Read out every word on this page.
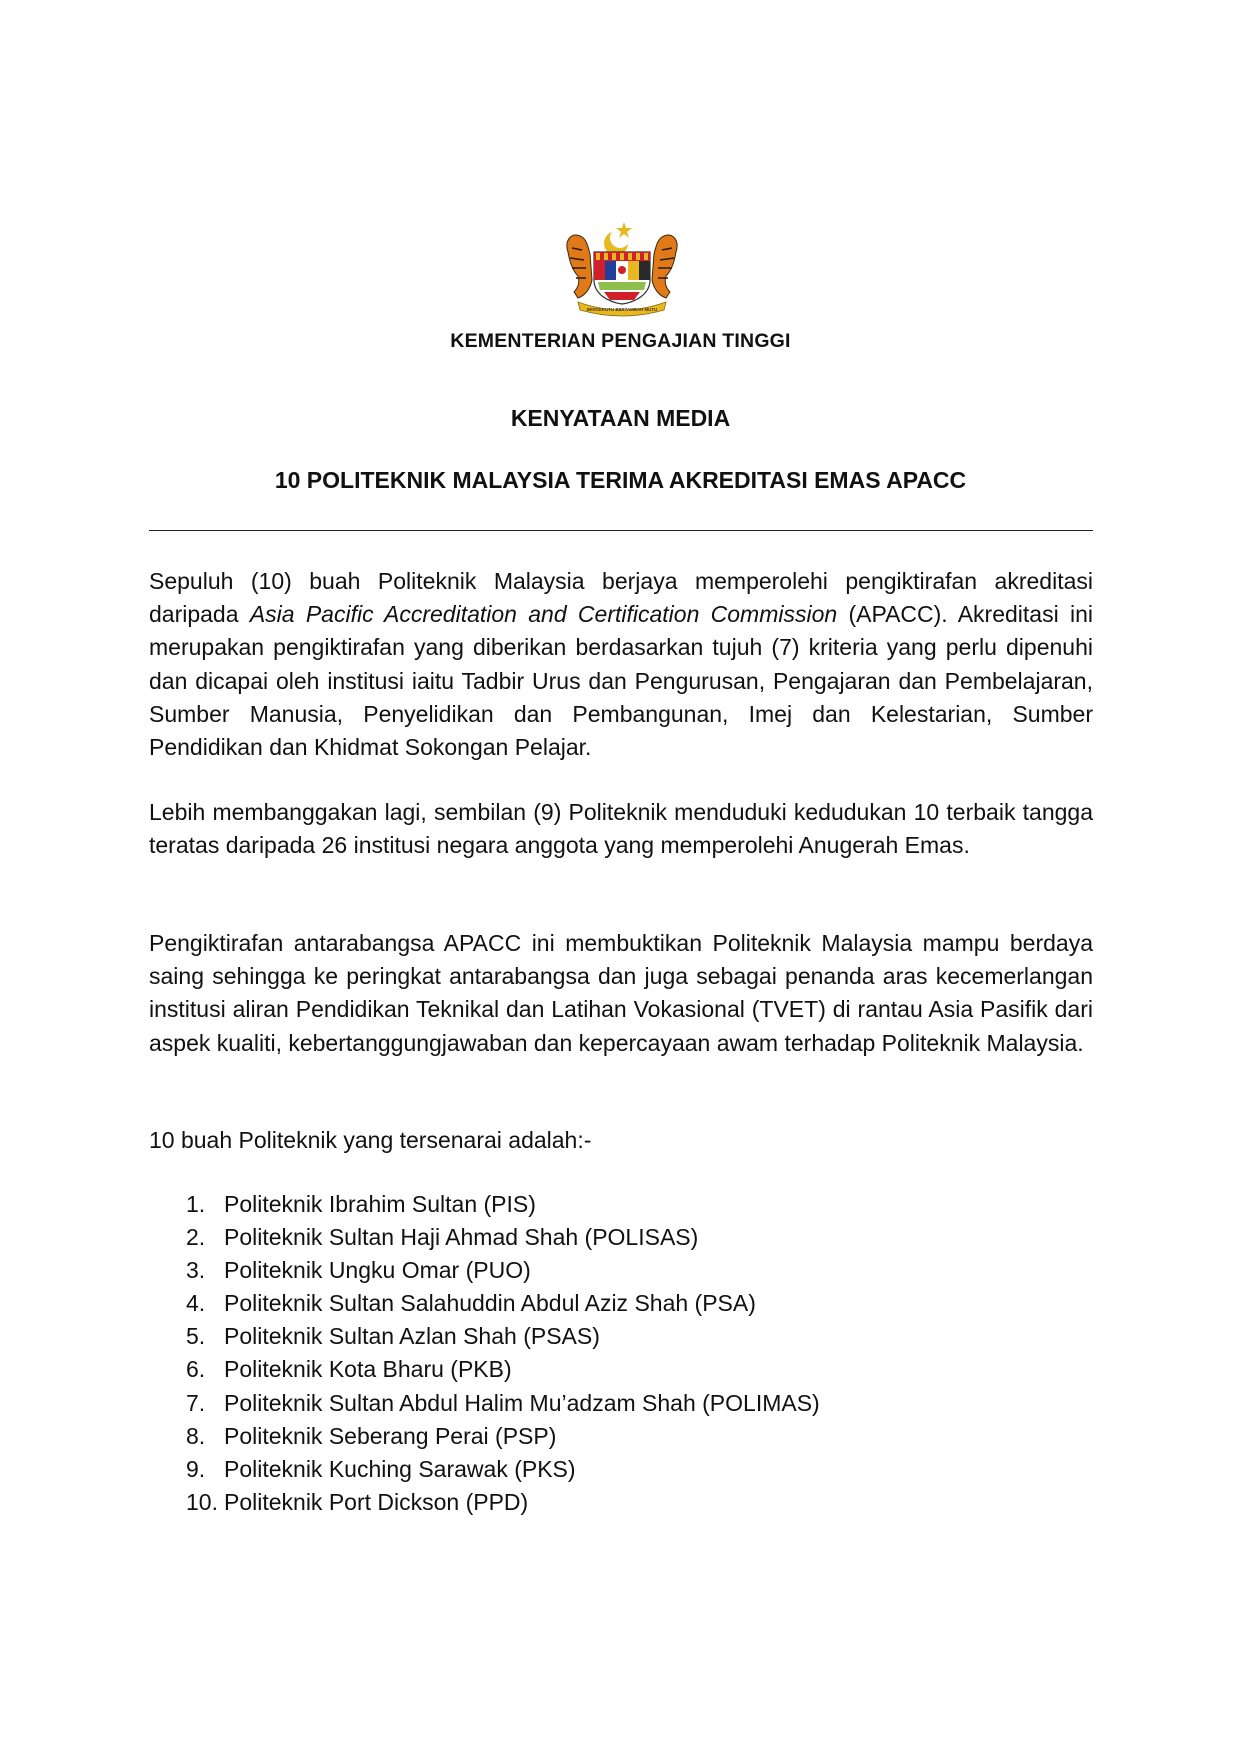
BERSEKUTU BERTAMBAH MUTU
KEMENTERIAN PENGAJIAN TINGGI
KENYATAAN MEDIA
10 POLITEKNIK MALAYSIA TERIMA AKREDITASI EMAS APACC

Sepuluh (10) buah Politeknik Malaysia berjaya memperolehi pengiktirafan akreditasi daripada Asia Pacific Accreditation and Certification Commission (APACC). Akreditasi ini merupakan pengiktirafan yang diberikan berdasarkan tujuh (7) kriteria yang perlu dipenuhi dan dicapai oleh institusi iaitu Tadbir Urus dan Pengurusan, Pengajaran dan Pembelajaran, Sumber Manusia, Penyelidikan dan Pembangunan, Imej dan Kelestarian, Sumber Pendidikan dan Khidmat Sokongan Pelajar.

Lebih membanggakan lagi, sembilan (9) Politeknik menduduki kedudukan 10 terbaik tangga teratas daripada 26 institusi negara anggota yang memperolehi Anugerah Emas.

Pengiktirafan antarabangsa APACC ini membuktikan Politeknik Malaysia mampu berdaya saing sehingga ke peringkat antarabangsa dan juga sebagai penanda aras kecemerlangan institusi aliran Pendidikan Teknikal dan Latihan Vokasional (TVET) di rantau Asia Pasifik dari aspek kualiti, kebertanggungjawaban dan kepercayaan awam terhadap Politeknik Malaysia.

10 buah Politeknik yang tersenarai adalah:-

1. Politeknik Ibrahim Sultan (PIS)
2. Politeknik Sultan Haji Ahmad Shah (POLISAS)
3. Politeknik Ungku Omar (PUO)
4. Politeknik Sultan Salahuddin Abdul Aziz Shah (PSA)
5. Politeknik Sultan Azlan Shah (PSAS)
6. Politeknik Kota Bharu (PKB)
7. Politeknik Sultan Abdul Halim Mu’adzam Shah (POLIMAS)
8. Politeknik Seberang Perai (PSP)
9. Politeknik Kuching Sarawak (PKS)
10. Politeknik Port Dickson (PPD)
